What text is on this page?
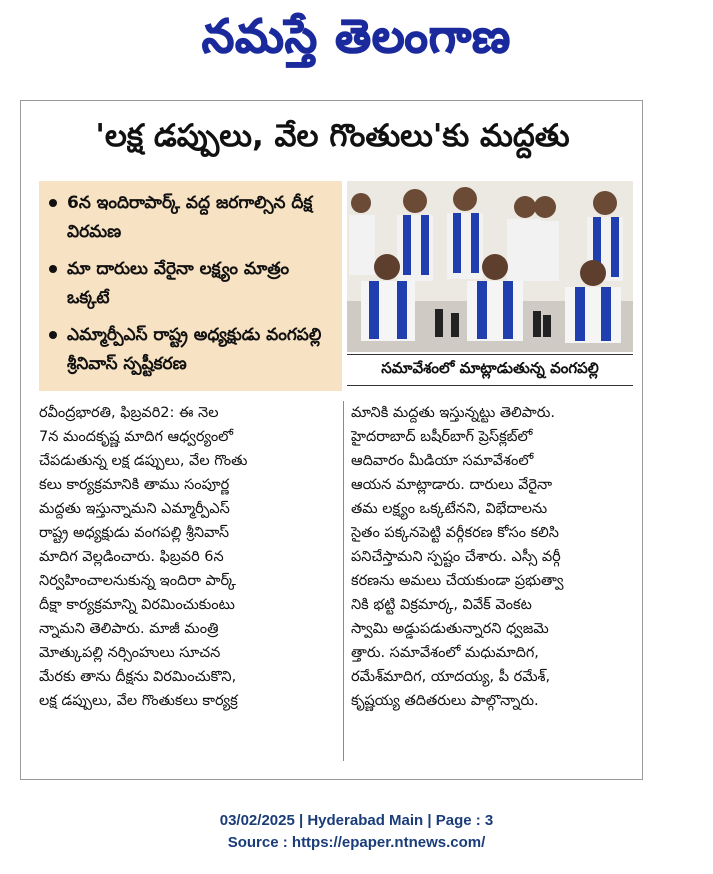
నమస్తే తెలంగాణ
'లక్ష డప్పులు, వేల గొంతులు'కు మద్దతు
6న ఇందిరాపార్క్ వద్ద జరగాల్సిన దీక్ష విరమణ
మా దారులు వేరైనా లక్ష్యం మాత్రం ఒక్కటే
ఎమ్మార్పీఎస్ రాష్ట్ర అధ్యక్షుడు వంగపల్లి శ్రీనివాస్ స్పష్టీకరణ	సమావేశంలో మాట్లాడుతున్న వంగపల్లి
రవీంద్రభారతి, ఫిబ్రవరి2: ఈ నెల
7న మందకృష్ణ మాదిగ ఆధ్వర్యంలో
చేపడుతున్న లక్ష డప్పులు, వేల గొంతు
కలు కార్యక్రమానికి తాము సంపూర్ణ
మద్దతు ఇస్తున్నామని ఎమ్మార్పీఎస్
రాష్ట్ర అధ్యక్షుడు వంగపల్లి శ్రీనివాస్
మాదిగ వెల్లడించారు. ఫిబ్రవరి 6న
నిర్వహించాలనుకున్న ఇందిరా పార్క్
దీక్షా కార్యక్రమాన్ని విరమించుకుంటు
న్నామని తెలిపారు. మాజీ మంత్రి
మోత్కుపల్లి నర్సింహులు సూచన
మేరకు తాను దీక్షను విరమించుకొని,
లక్ష డప్పులు, వేల గొంతుకలు కార్యక్ర
మానికి మద్దతు ఇస్తున్నట్టు తెలిపారు.
హైదరాబాద్ బషీర్‌బాగ్ ప్రెస్‌క్లబ్‌లో
ఆదివారం మీడియా సమావేశంలో
ఆయన మాట్లాడారు. దారులు వేరైనా
తమ లక్ష్యం ఒక్కటేనని, విభేదాలను
సైతం పక్కనపెట్టి వర్గీకరణ కోసం కలిసి
పనిచేస్తామని స్పష్టం చేశారు. ఎస్సీ వర్గీ
కరణను అమలు చేయకుండా ప్రభుత్వా
నికి భట్టి విక్రమార్క, వివేక్ వెంకట
స్వామి అడ్డుపడుతున్నారని ధ్వజమె
త్తారు. సమావేశంలో మధుమాదిగ,
రమేశ్‌మాదిగ, యాదయ్య, పీ రమేశ్,
కృష్ణయ్య తదితరులు పాల్గొన్నారు.
03/02/2025 | Hyderabad Main | Page : 3
Source : https://epaper.ntnews.com/
